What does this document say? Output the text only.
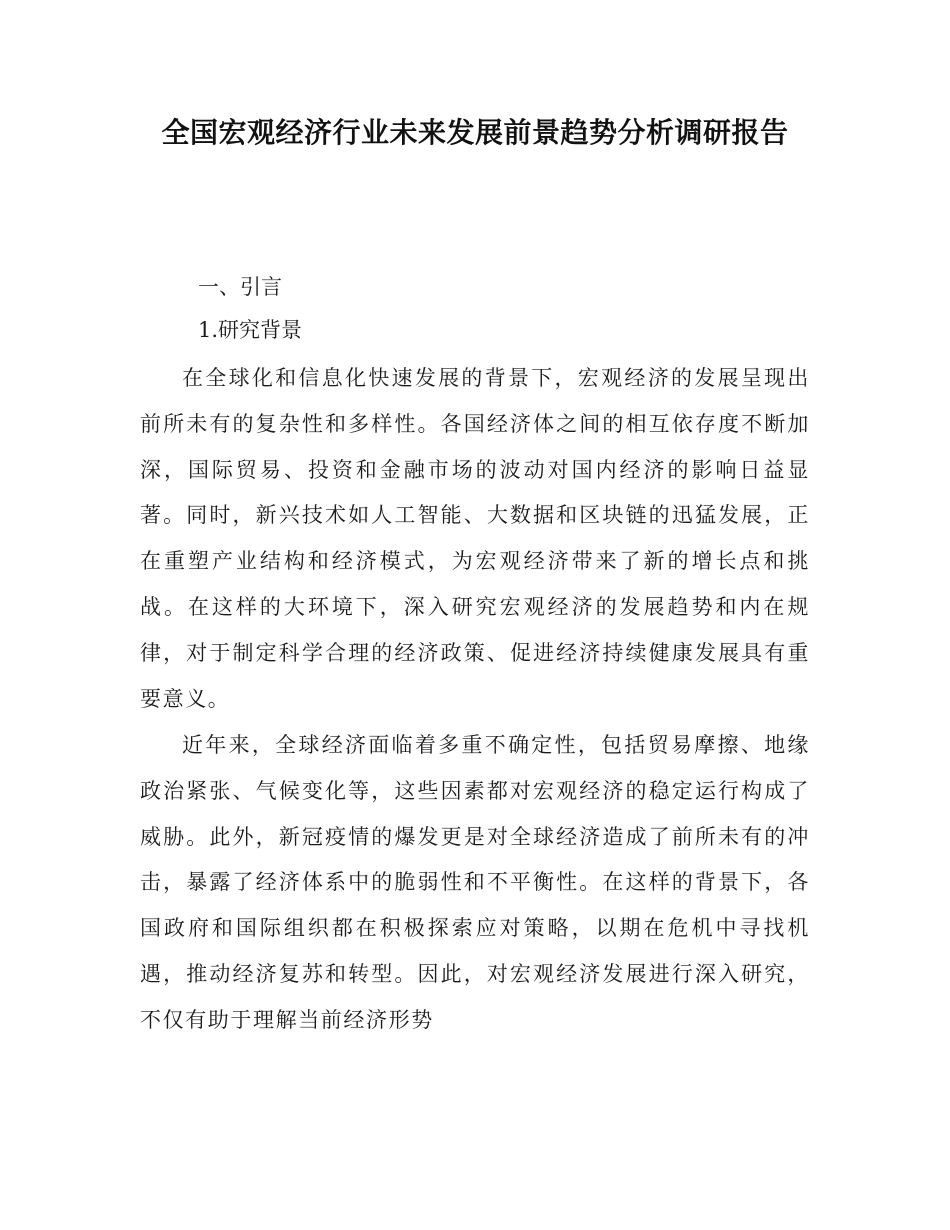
全国宏观经济行业未来发展前景趋势分析调研报告
一、引言
1.研究背景

在全球化和信息化快速发展的背景下，宏观经济的发展呈现出前所未有的复杂性和多样性。各国经济体之间的相互依存度不断加深，国际贸易、投资和金融市场的波动对国内经济的影响日益显著。同时，新兴技术如人工智能、大数据和区块链的迅猛发展，正在重塑产业结构和经济模式，为宏观经济带来了新的增长点和挑战。在这样的大环境下，深入研究宏观经济的发展趋势和内在规律，对于制定科学合理的经济政策、促进经济持续健康发展具有重要意义。

近年来，全球经济面临着多重不确定性，包括贸易摩擦、地缘政治紧张、气候变化等，这些因素都对宏观经济的稳定运行构成了威胁。此外，新冠疫情的爆发更是对全球经济造成了前所未有的冲击，暴露了经济体系中的脆弱性和不平衡性。在这样的背景下，各国政府和国际组织都在积极探索应对策略，以期在危机中寻找机遇，推动经济复苏和转型。因此，对宏观经济发展进行深入研究，不仅有助于理解当前经济形势
